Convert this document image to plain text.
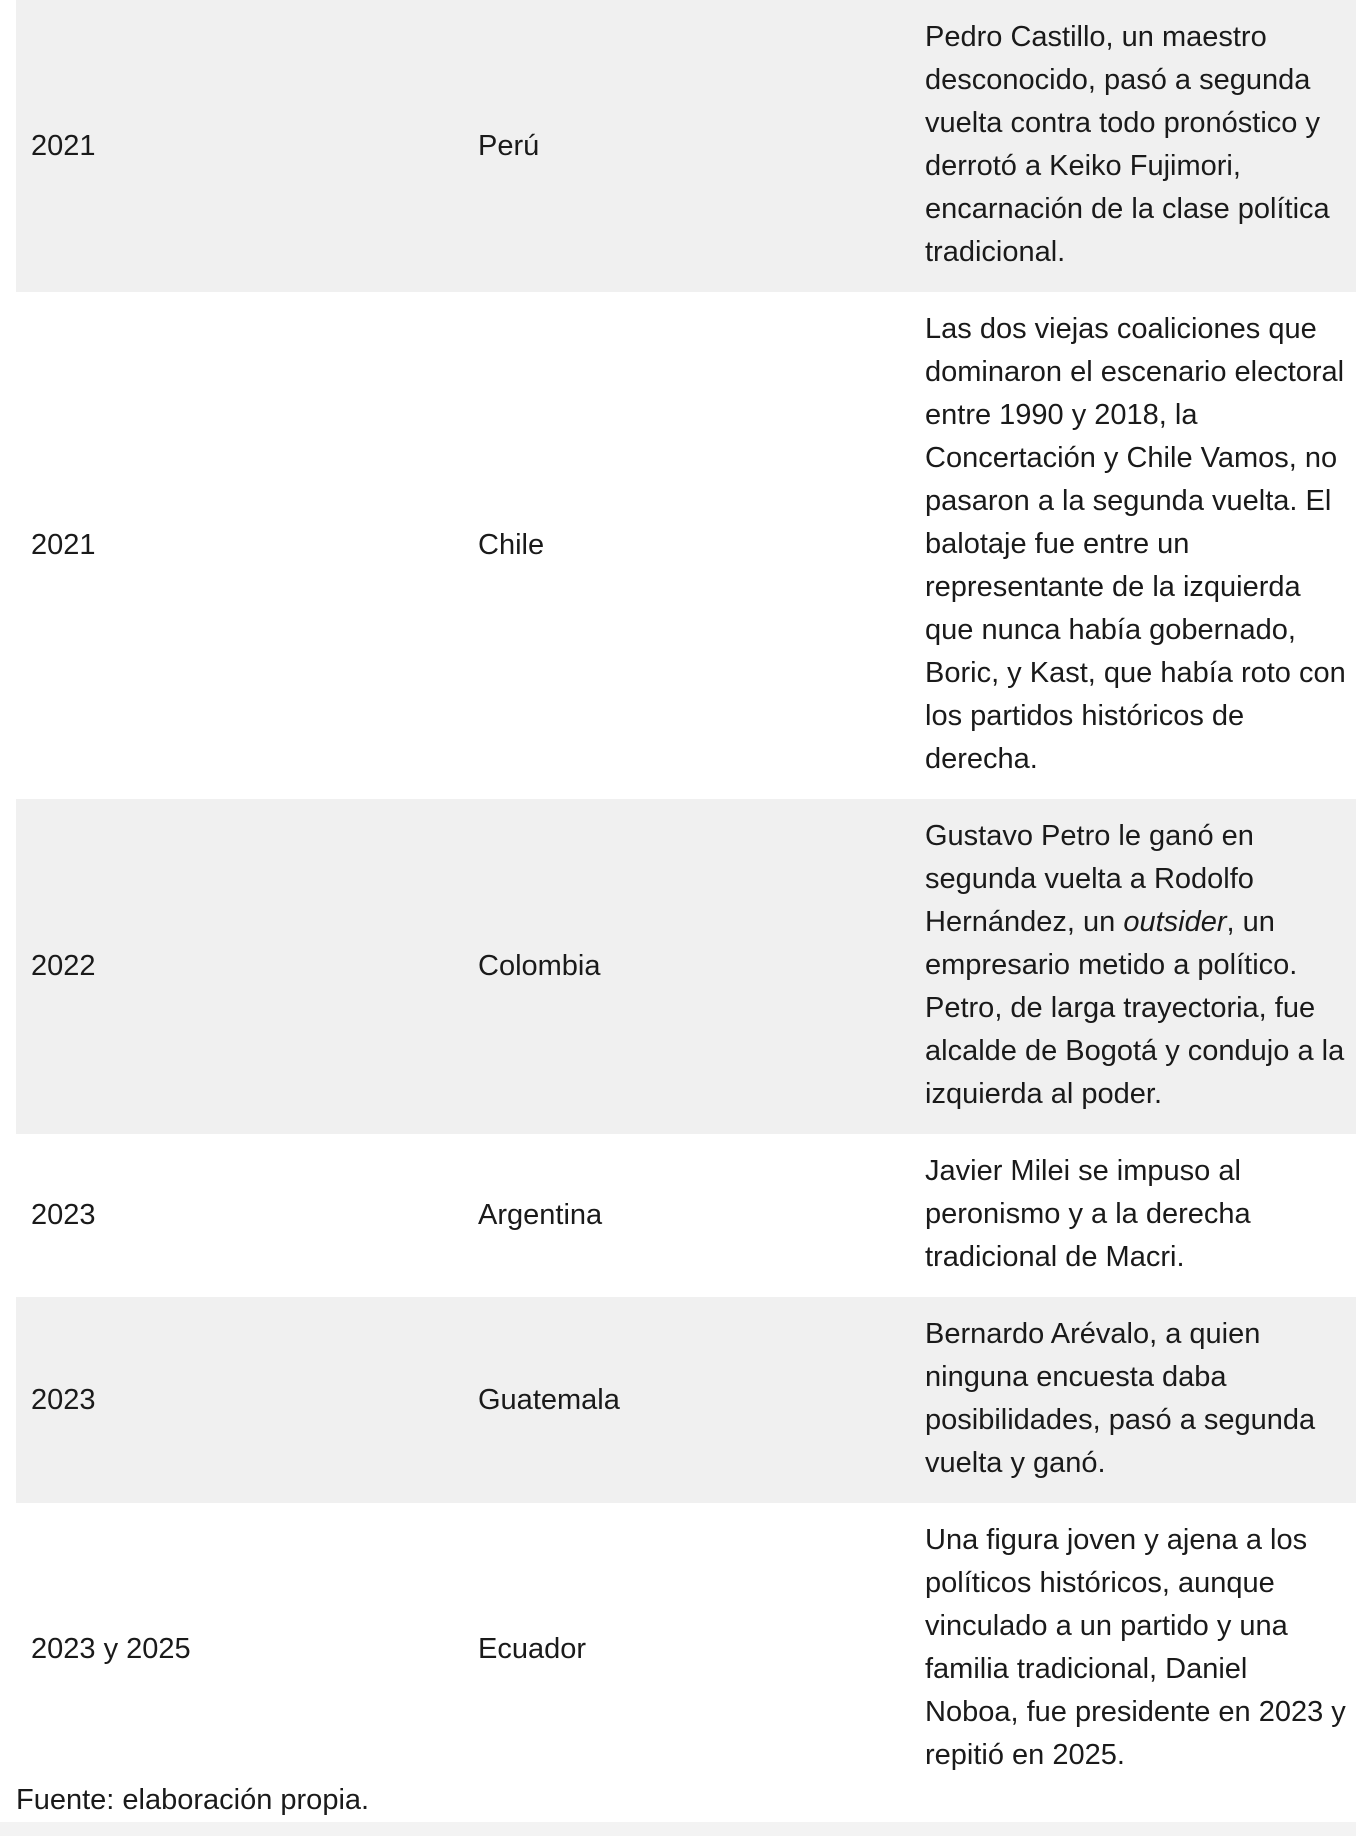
2021	Perú	Pedro Castillo, un maestro desconocido, pasó a segunda vuelta contra todo pronóstico y derrotó a Keiko Fujimori, encarnación de la clase política tradicional.
2021	Chile	Las dos viejas coaliciones que dominaron el escenario electoral entre 1990 y 2018, la Concertación y Chile Vamos, no pasaron a la segunda vuelta. El balotaje fue entre un representante de la izquierda que nunca había gobernado, Boric, y Kast, que había roto con los partidos históricos de derecha.
2022	Colombia	Gustavo Petro le ganó en segunda vuelta a Rodolfo Hernández, un outsider, un empresario metido a político. Petro, de larga trayectoria, fue alcalde de Bogotá y condujo a la izquierda al poder.
2023	Argentina	Javier Milei se impuso al peronismo y a la derecha tradicional de Macri.
2023	Guatemala	Bernardo Arévalo, a quien ninguna encuesta daba posibilidades, pasó a segunda vuelta y ganó.
2023 y 2025	Ecuador	Una figura joven y ajena a los políticos históricos, aunque vinculado a un partido y una familia tradicional, Daniel Noboa, fue presidente en 2023 y repitió en 2025.
Fuente: elaboración propia.
